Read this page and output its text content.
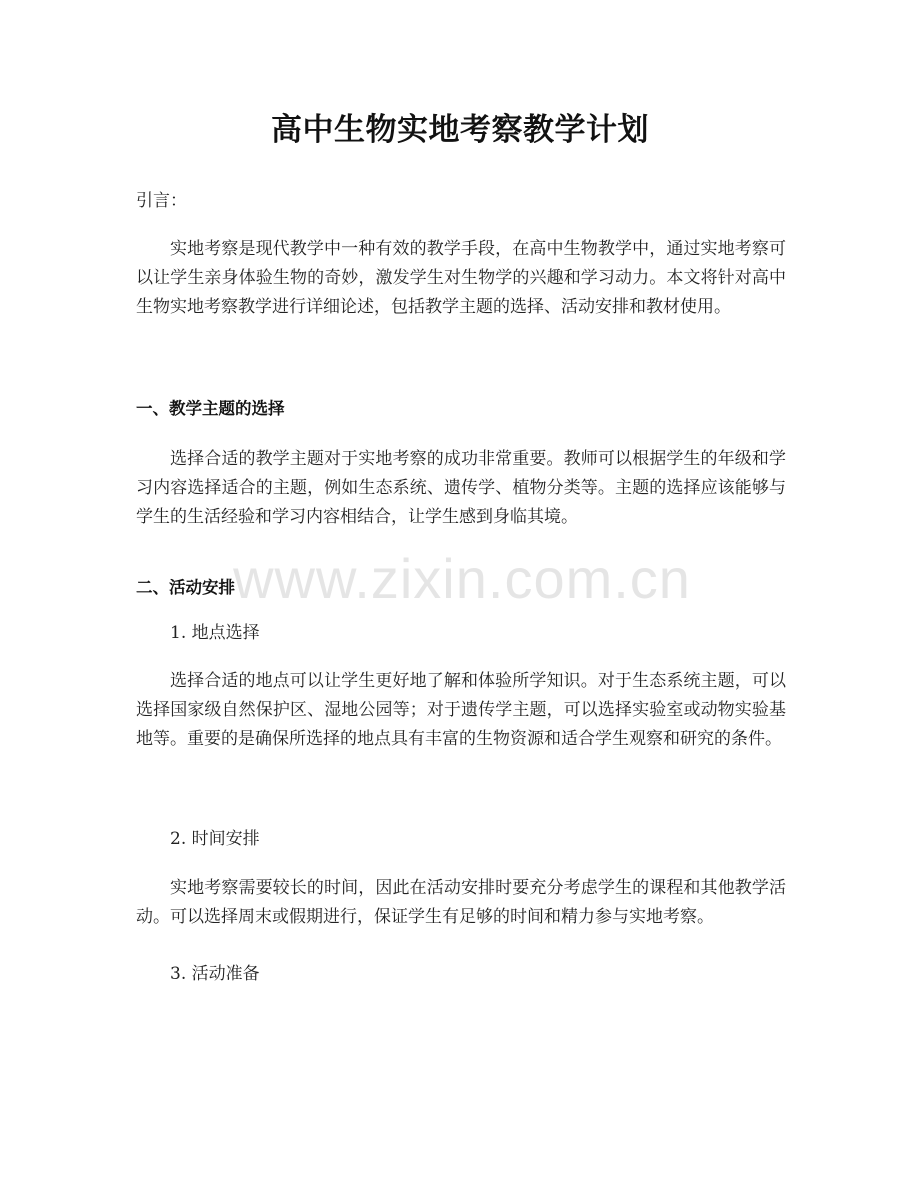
高中生物实地考察教学计划
引言：
实地考察是现代教学中一种有效的教学手段，在高中生物教学中，通过实地考察可以让学生亲身体验生物的奇妙，激发学生对生物学的兴趣和学习动力。本文将针对高中生物实地考察教学进行详细论述，包括教学主题的选择、活动安排和教材使用。
一、教学主题的选择
选择合适的教学主题对于实地考察的成功非常重要。教师可以根据学生的年级和学习内容选择适合的主题，例如生态系统、遗传学、植物分类等。主题的选择应该能够与学生的生活经验和学习内容相结合，让学生感到身临其境。
二、活动安排
1. 地点选择
选择合适的地点可以让学生更好地了解和体验所学知识。对于生态系统主题，可以选择国家级自然保护区、湿地公园等；对于遗传学主题，可以选择实验室或动物实验基地等。重要的是确保所选择的地点具有丰富的生物资源和适合学生观察和研究的条件。
2. 时间安排
实地考察需要较长的时间，因此在活动安排时要充分考虑学生的课程和其他教学活动。可以选择周末或假期进行，保证学生有足够的时间和精力参与实地考察。
3. 活动准备
www.zixin.com.cn
